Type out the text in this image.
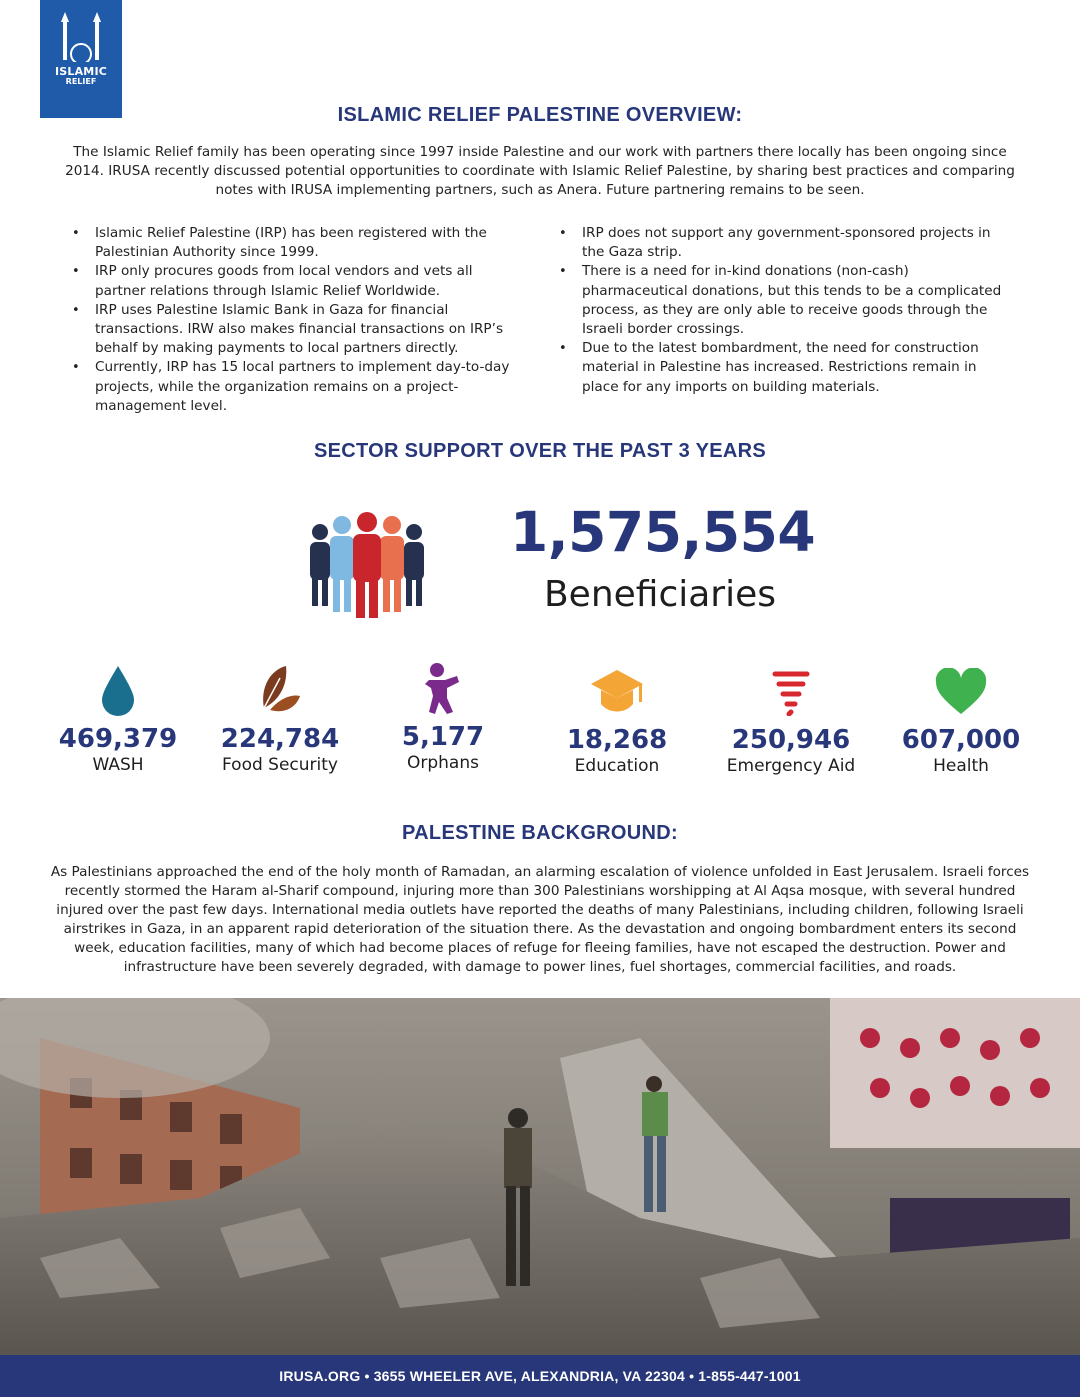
ISLAMIC
RELIEF
ISLAMIC RELIEF PALESTINE OVERVIEW:

The Islamic Relief family has been operating since 1997 inside Palestine and our work with partners there locally has been ongoing since 2014. IRUSA recently discussed potential opportunities to coordinate with Islamic Relief Palestine, by sharing best practices and comparing notes with IRUSA implementing partners, such as Anera. Future partnering remains to be seen.

• Islamic Relief Palestine (IRP) has been registered with the Palestinian Authority since 1999.
• IRP only procures goods from local vendors and vets all partner relations through Islamic Relief Worldwide.
• IRP uses Palestine Islamic Bank in Gaza for financial transactions. IRW also makes financial transactions on IRP’s behalf by making payments to local partners directly.
• Currently, IRP has 15 local partners to implement day-to-day projects, while the organization remains on a project-management level.
• IRP does not support any government-sponsored projects in the Gaza strip.
• There is a need for in-kind donations (non-cash) pharmaceutical donations, but this tends to be a complicated process, as they are only able to receive goods through the Israeli border crossings.
• Due to the latest bombardment, the need for construction material in Palestine has increased. Restrictions remain in place for any imports on building materials.
SECTOR SUPPORT OVER THE PAST 3 YEARS
1,575,554
Beneficiaries
469,379
WASH
224,784
Food Security
5,177
Orphans
18,268
Education
250,946
Emergency Aid
607,000
Health
PALESTINE BACKGROUND:

As Palestinians approached the end of the holy month of Ramadan, an alarming escalation of violence unfolded in East Jerusalem. Israeli forces recently stormed the Haram al-Sharif compound, injuring more than 300 Palestinians worshipping at Al Aqsa mosque, with several hundred injured over the past few days. International media outlets have reported the deaths of many Palestinians, including children, following Israeli airstrikes in Gaza, in an apparent rapid deterioration of the situation there. As the devastation and ongoing bombardment enters its second week, education facilities, many of which had become places of refuge for fleeing families, have not escaped the destruction. Power and infrastructure have been severely degraded, with damage to power lines, fuel shortages, commercial facilities, and roads.

IRUSA.ORG • 3655 WHEELER AVE, ALEXANDRIA, VA 22304 • 1-855-447-1001
